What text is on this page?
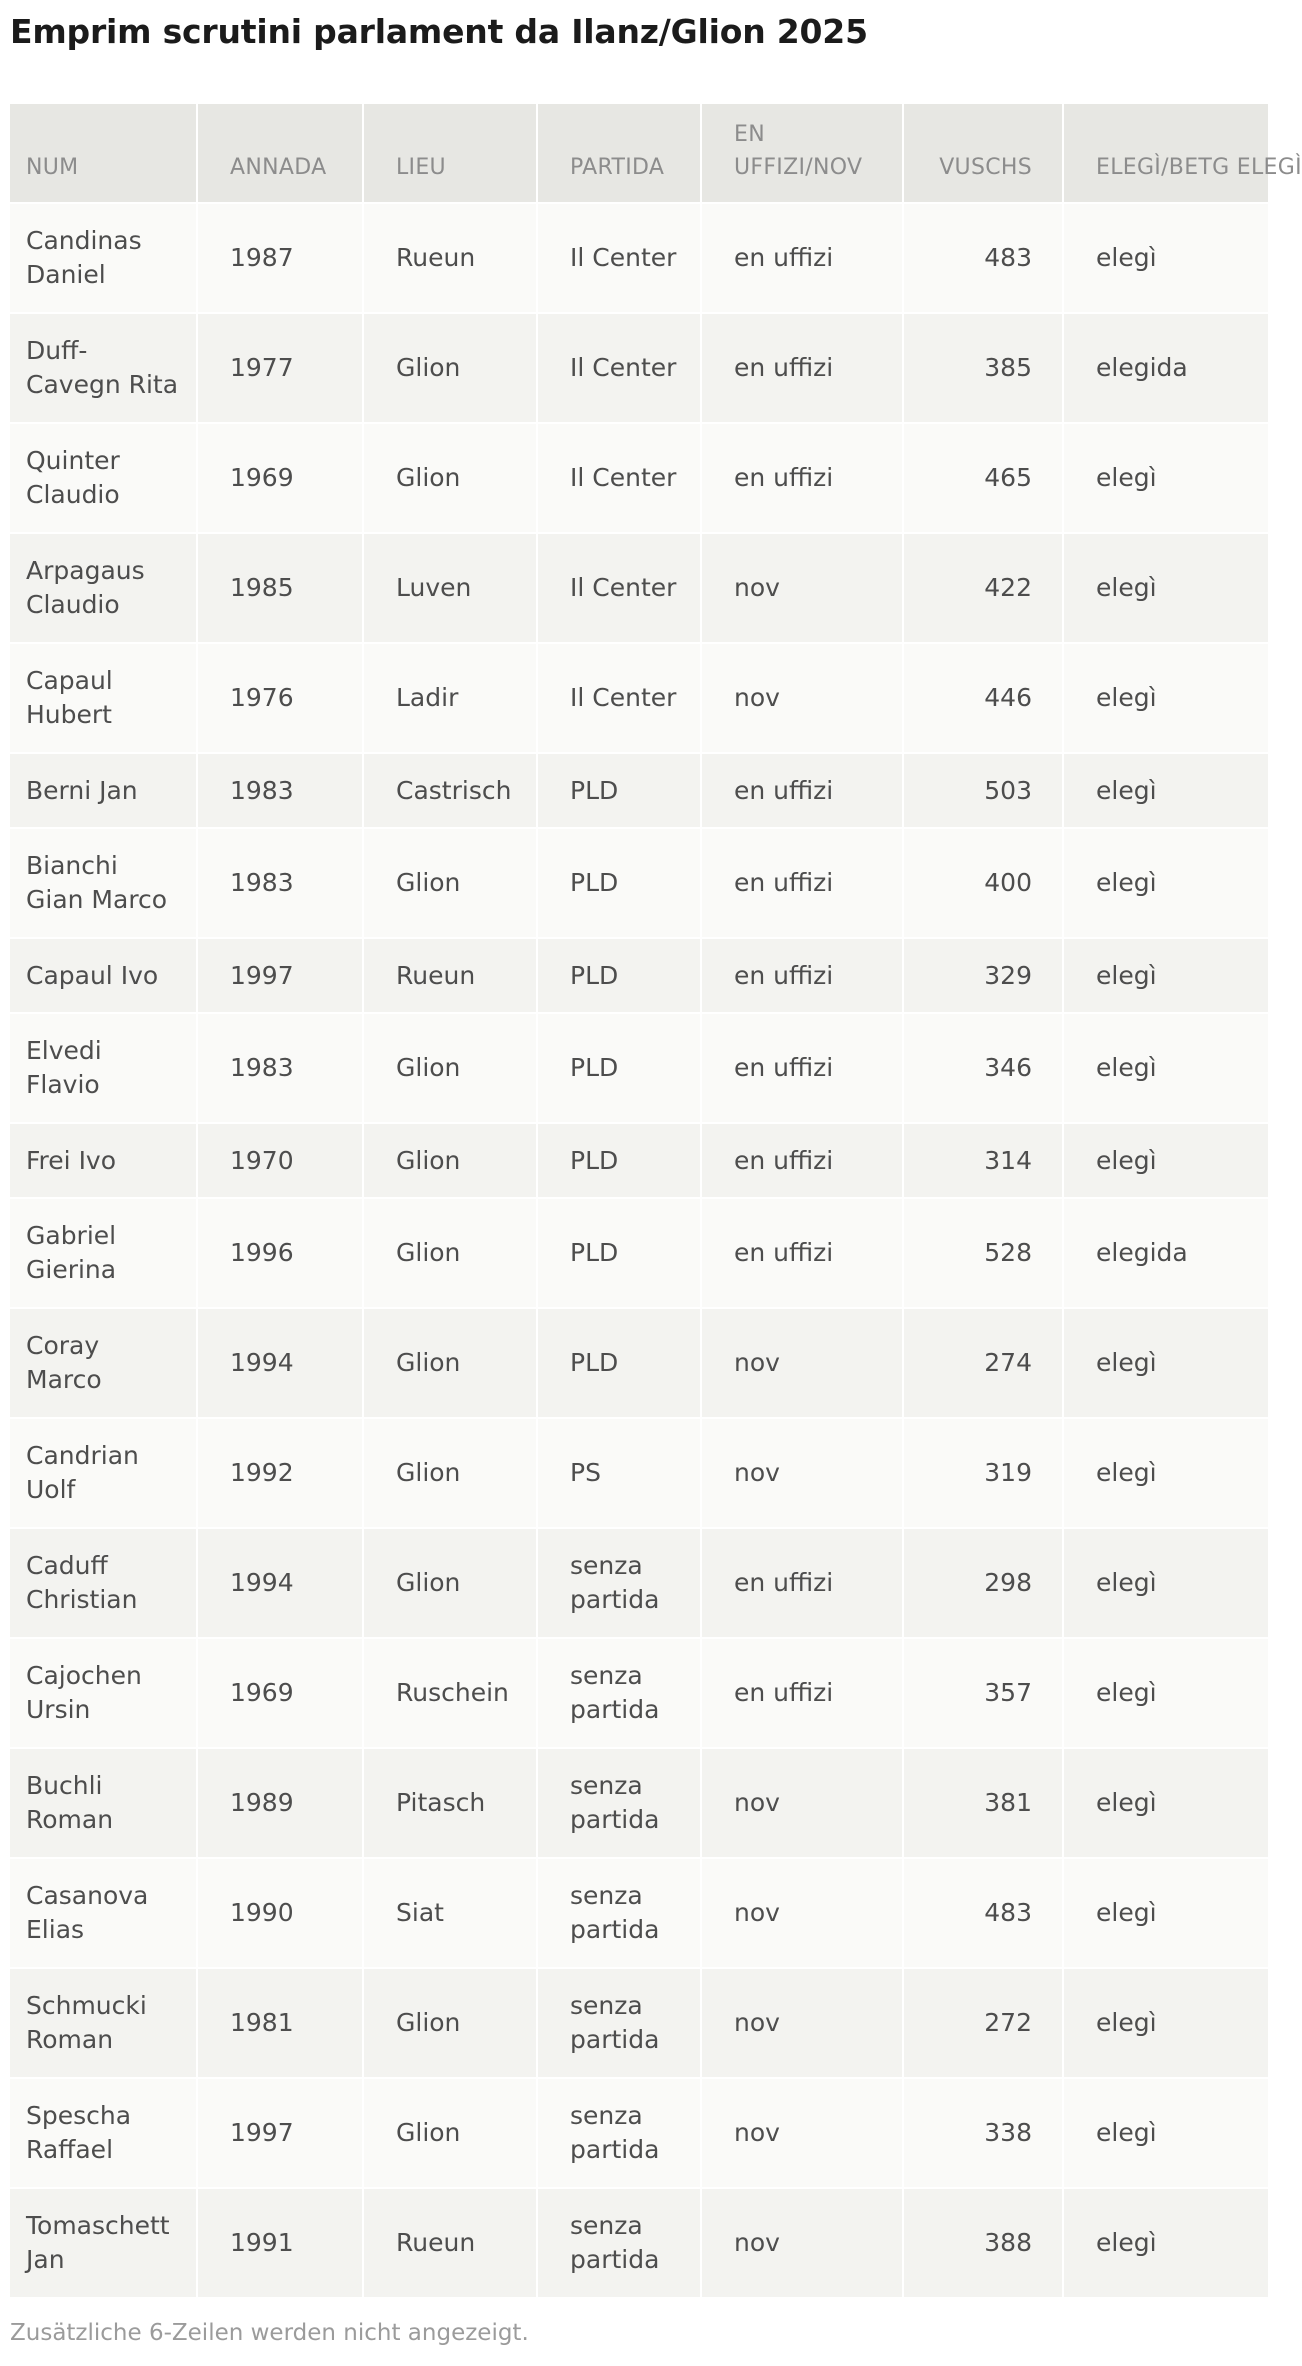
Emprim scrutini parlament da Ilanz/Glion 2025
NUM	ANNADA	LIEU	PARTIDA	EN UFFIZI/NOV	VUSCHS	ELEGÌ/BETG ELEGÌ
Candinas Daniel	1987	Rueun	Il Center	en uffizi	483	elegì
Duff-Cavegn Rita	1977	Glion	Il Center	en uffizi	385	elegida
Quinter Claudio	1969	Glion	Il Center	en uffizi	465	elegì
Arpagaus Claudio	1985	Luven	Il Center	nov	422	elegì
Capaul Hubert	1976	Ladir	Il Center	nov	446	elegì
Berni Jan	1983	Castrisch	PLD	en uffizi	503	elegì
Bianchi Gian Marco	1983	Glion	PLD	en uffizi	400	elegì
Capaul Ivo	1997	Rueun	PLD	en uffizi	329	elegì
Elvedi Flavio	1983	Glion	PLD	en uffizi	346	elegì
Frei Ivo	1970	Glion	PLD	en uffizi	314	elegì
Gabriel Gierina	1996	Glion	PLD	en uffizi	528	elegida
Coray Marco	1994	Glion	PLD	nov	274	elegì
Candrian Uolf	1992	Glion	PS	nov	319	elegì
Caduff Christian	1994	Glion	senza partida	en uffizi	298	elegì
Cajochen Ursin	1969	Ruschein	senza partida	en uffizi	357	elegì
Buchli Roman	1989	Pitasch	senza partida	nov	381	elegì
Casanova Elias	1990	Siat	senza partida	nov	483	elegì
Schmucki Roman	1981	Glion	senza partida	nov	272	elegì
Spescha Raffael	1997	Glion	senza partida	nov	338	elegì
Tomaschett Jan	1991	Rueun	senza partida	nov	388	elegì
Zusätzliche 6-Zeilen werden nicht angezeigt.
